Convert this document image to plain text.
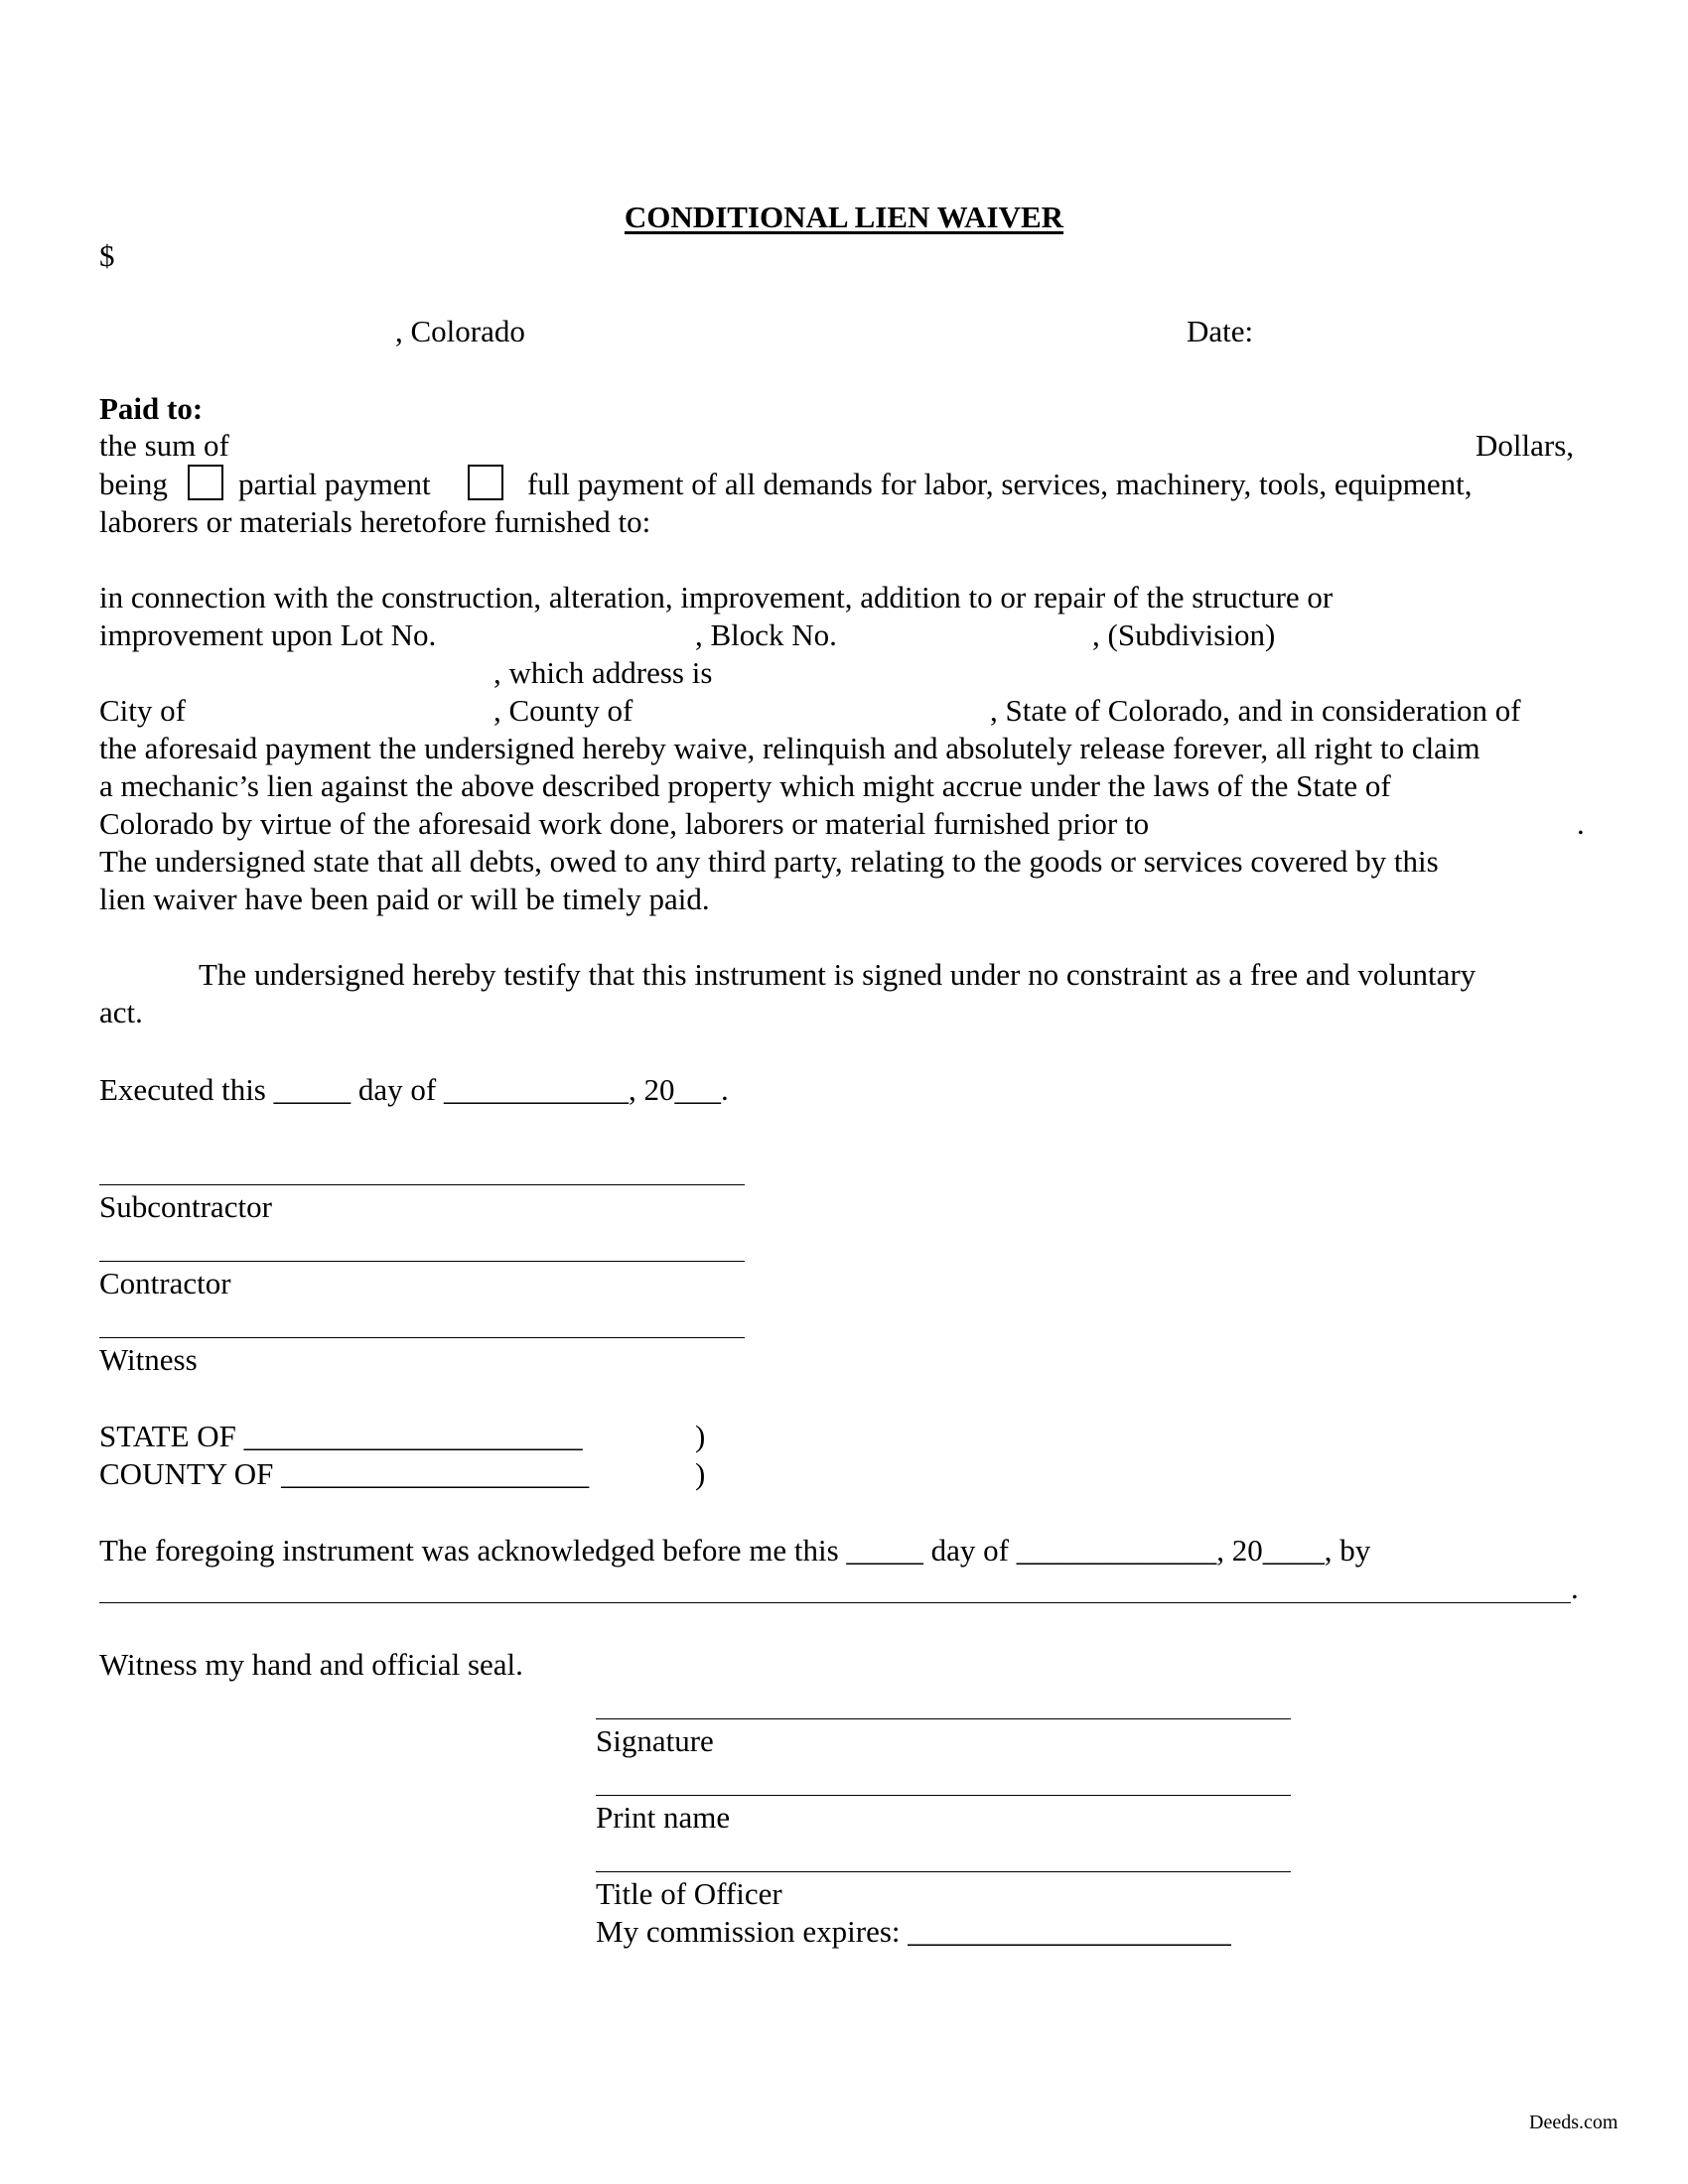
CONDITIONAL LIEN WAIVER
$
, Colorado	Date:
Paid to:
the sum of	Dollars,
being partial payment	full payment of all demands for labor, services, machinery, tools, equipment,
laborers or materials heretofore furnished to:
in connection with the construction, alteration, improvement, addition to or repair of the structure or
improvement upon Lot No.	, Block No.	, (Subdivision)
, which address is
City of	, County of	, State of Colorado, and in consideration of
the aforesaid payment the undersigned hereby waive, relinquish and absolutely release forever, all right to claim
a mechanic’s lien against the above described property which might accrue under the laws of the State of
Colorado by virtue of the aforesaid work done, laborers or material furnished prior to	.
The undersigned state that all debts, owed to any third party, relating to the goods or services covered by this
lien waiver have been paid or will be timely paid.
The undersigned hereby testify that this instrument is signed under no constraint as a free and voluntary
act.
Executed this _____ day of ____________, 20___.
Subcontractor
Contractor
Witness
STATE OF ______________________	)
COUNTY OF ____________________	)
The foregoing instrument was acknowledged before me this _____ day of _____________, 20____, by
.
Witness my hand and official seal.
Signature
Print name
Title of Officer
My commission expires: _____________________
Deeds.com
